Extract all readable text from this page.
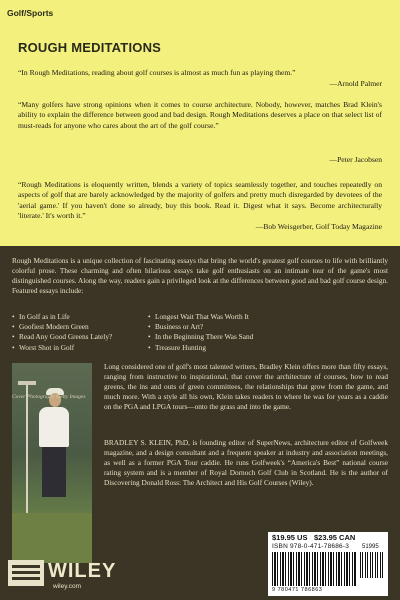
Golf/Sports
ROUGH MEDITATIONS
“In Rough Meditations, reading about golf courses is almost as much fun as playing them.”
—Arnold Palmer
“Many golfers have strong opinions when it comes to course architecture. Nobody, however, matches Brad Klein's ability to explain the difference between good and bad design. Rough Meditations deserves a place on that select list of must-reads for anyone who cares about the art of the golf course.”
—Peter Jacobsen
“Rough Meditations is eloquently written, blends a variety of topics seamlessly together, and touches repeatedly on aspects of golf that are barely acknowledged by the majority of golfers and pretty much disregarded by devotees of the 'aerial game.' If you haven't done so already, buy this book. Read it. Digest what it says. Become architecturally 'literate.' It's worth it.”
—Bob Weisgerber, Golf Today Magazine
Rough Meditations is a unique collection of fascinating essays that bring the world's greatest golf courses to life with brilliantly colorful prose. These charming and often hilarious essays take golf enthusiasts on an intimate tour of the game's most distinguished courses. Along the way, readers gain a privileged look at the differences between good and bad golf course design. Featured essays include:
• In Golf as in Life
• Goofiest Modern Green
• Read Any Good Greens Lately?
• Worst Shot in Golf
• Longest Wait That Was Worth It
• Business or Art?
• In the Beginning There Was Sand
• Treasure Hunting
Cover Photograph: Getty Images
Long considered one of golf's most talented writers, Bradley Klein offers more than fifty essays, ranging from instructive to inspirational, that cover the architecture of courses, how to read greens, the ins and outs of green committees, the relationships that grow from the game, and much more. With a style all his own, Klein takes readers to where he was for years as a caddie on the PGA and LPGA tours—onto the grass and into the game.
BRADLEY S. KLEIN, PhD, is founding editor of SuperNews, architecture editor of Golfweek magazine, and a design consultant and a frequent speaker at industry and association meetings, as well as a former PGA Tour caddie. He runs Golfweek's “America's Best” national course rating system and is a member of Royal Dornoch Golf Club in Scotland. He is the author of Discovering Donald Ross: The Architect and His Golf Courses (Wiley).
WILEY
wiley.com
$19.95 US $23.95 CAN
ISBN 978-0-471-78686-3 51995
9 780471 786863
